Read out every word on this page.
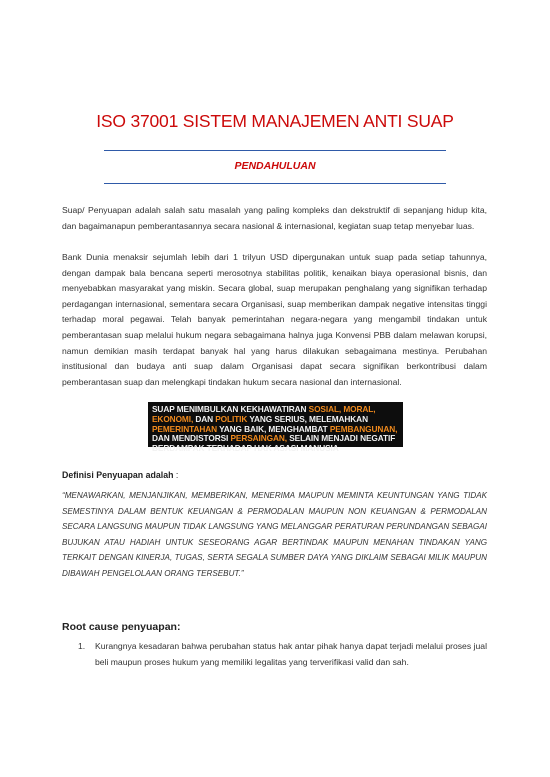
ISO 37001 SISTEM MANAJEMEN ANTI SUAP
PENDAHULUAN

Suap/ Penyuapan adalah salah satu masalah yang paling kompleks dan dekstruktif di sepanjang hidup kita, dan bagaimanapun pemberantasannya secara nasional & internasional, kegiatan suap tetap menyebar luas.

Bank Dunia menaksir sejumlah lebih dari 1 trilyun USD dipergunakan untuk suap pada setiap tahunnya, dengan dampak bala bencana seperti merosotnya stabilitas politik, kenaikan biaya operasional bisnis, dan menyebabkan masyarakat yang miskin. Secara global, suap merupakan penghalang yang signifikan terhadap perdagangan internasional, sementara secara Organisasi, suap memberikan dampak negative intensitas tinggi terhadap moral pegawai. Telah banyak pemerintahan negara-negara yang mengambil tindakan untuk pemberantasan suap melalui hukum negara sebagaimana halnya juga Konvensi PBB dalam melawan korupsi, namun demikian masih terdapat banyak hal yang harus dilakukan sebagaimana mestinya. Perubahan institusional dan budaya anti suap dalam Organisasi dapat secara signifikan berkontribusi dalam pemberantasan suap dan melengkapi tindakan hukum secara nasional dan internasional.

SUAP MENIMBULKAN KEKHAWATIRAN SOSIAL, MORAL, EKONOMI, DAN POLITIK YANG SERIUS, MELEMAHKAN PEMERINTAHAN YANG BAIK, MENGHAMBAT PEMBANGUNAN, DAN MENDISTORSI PERSAINGAN, SELAIN MENJADI NEGATIF BERDAMPAK TERHADAP HAK ASASI MANUSIA
Definisi Penyuapan adalah :

“MENAWARKAN, MENJANJIKAN, MEMBERIKAN, MENERIMA MAUPUN MEMINTA KEUNTUNGAN YANG TIDAK SEMESTINYA DALAM BENTUK KEUANGAN & PERMODALAN MAUPUN NON KEUANGAN & PERMODALAN SECARA LANGSUNG MAUPUN TIDAK LANGSUNG YANG MELANGGAR PERATURAN PERUNDANGAN SEBAGAI BUJUKAN ATAU HADIAH UNTUK SESEORANG AGAR BERTINDAK MAUPUN MENAHAN TINDAKAN YANG TERKAIT DENGAN KINERJA, TUGAS, SERTA SEGALA SUMBER DAYA YANG DIKLAIM SEBAGAI MILIK MAUPUN DIBAWAH PENGELOLAAN ORANG TERSEBUT.”

Root cause penyuapan:
1. Kurangnya kesadaran bahwa perubahan status hak antar pihak hanya dapat terjadi melalui proses jual beli maupun proses hukum yang memiliki legalitas yang terverifikasi valid dan sah.
